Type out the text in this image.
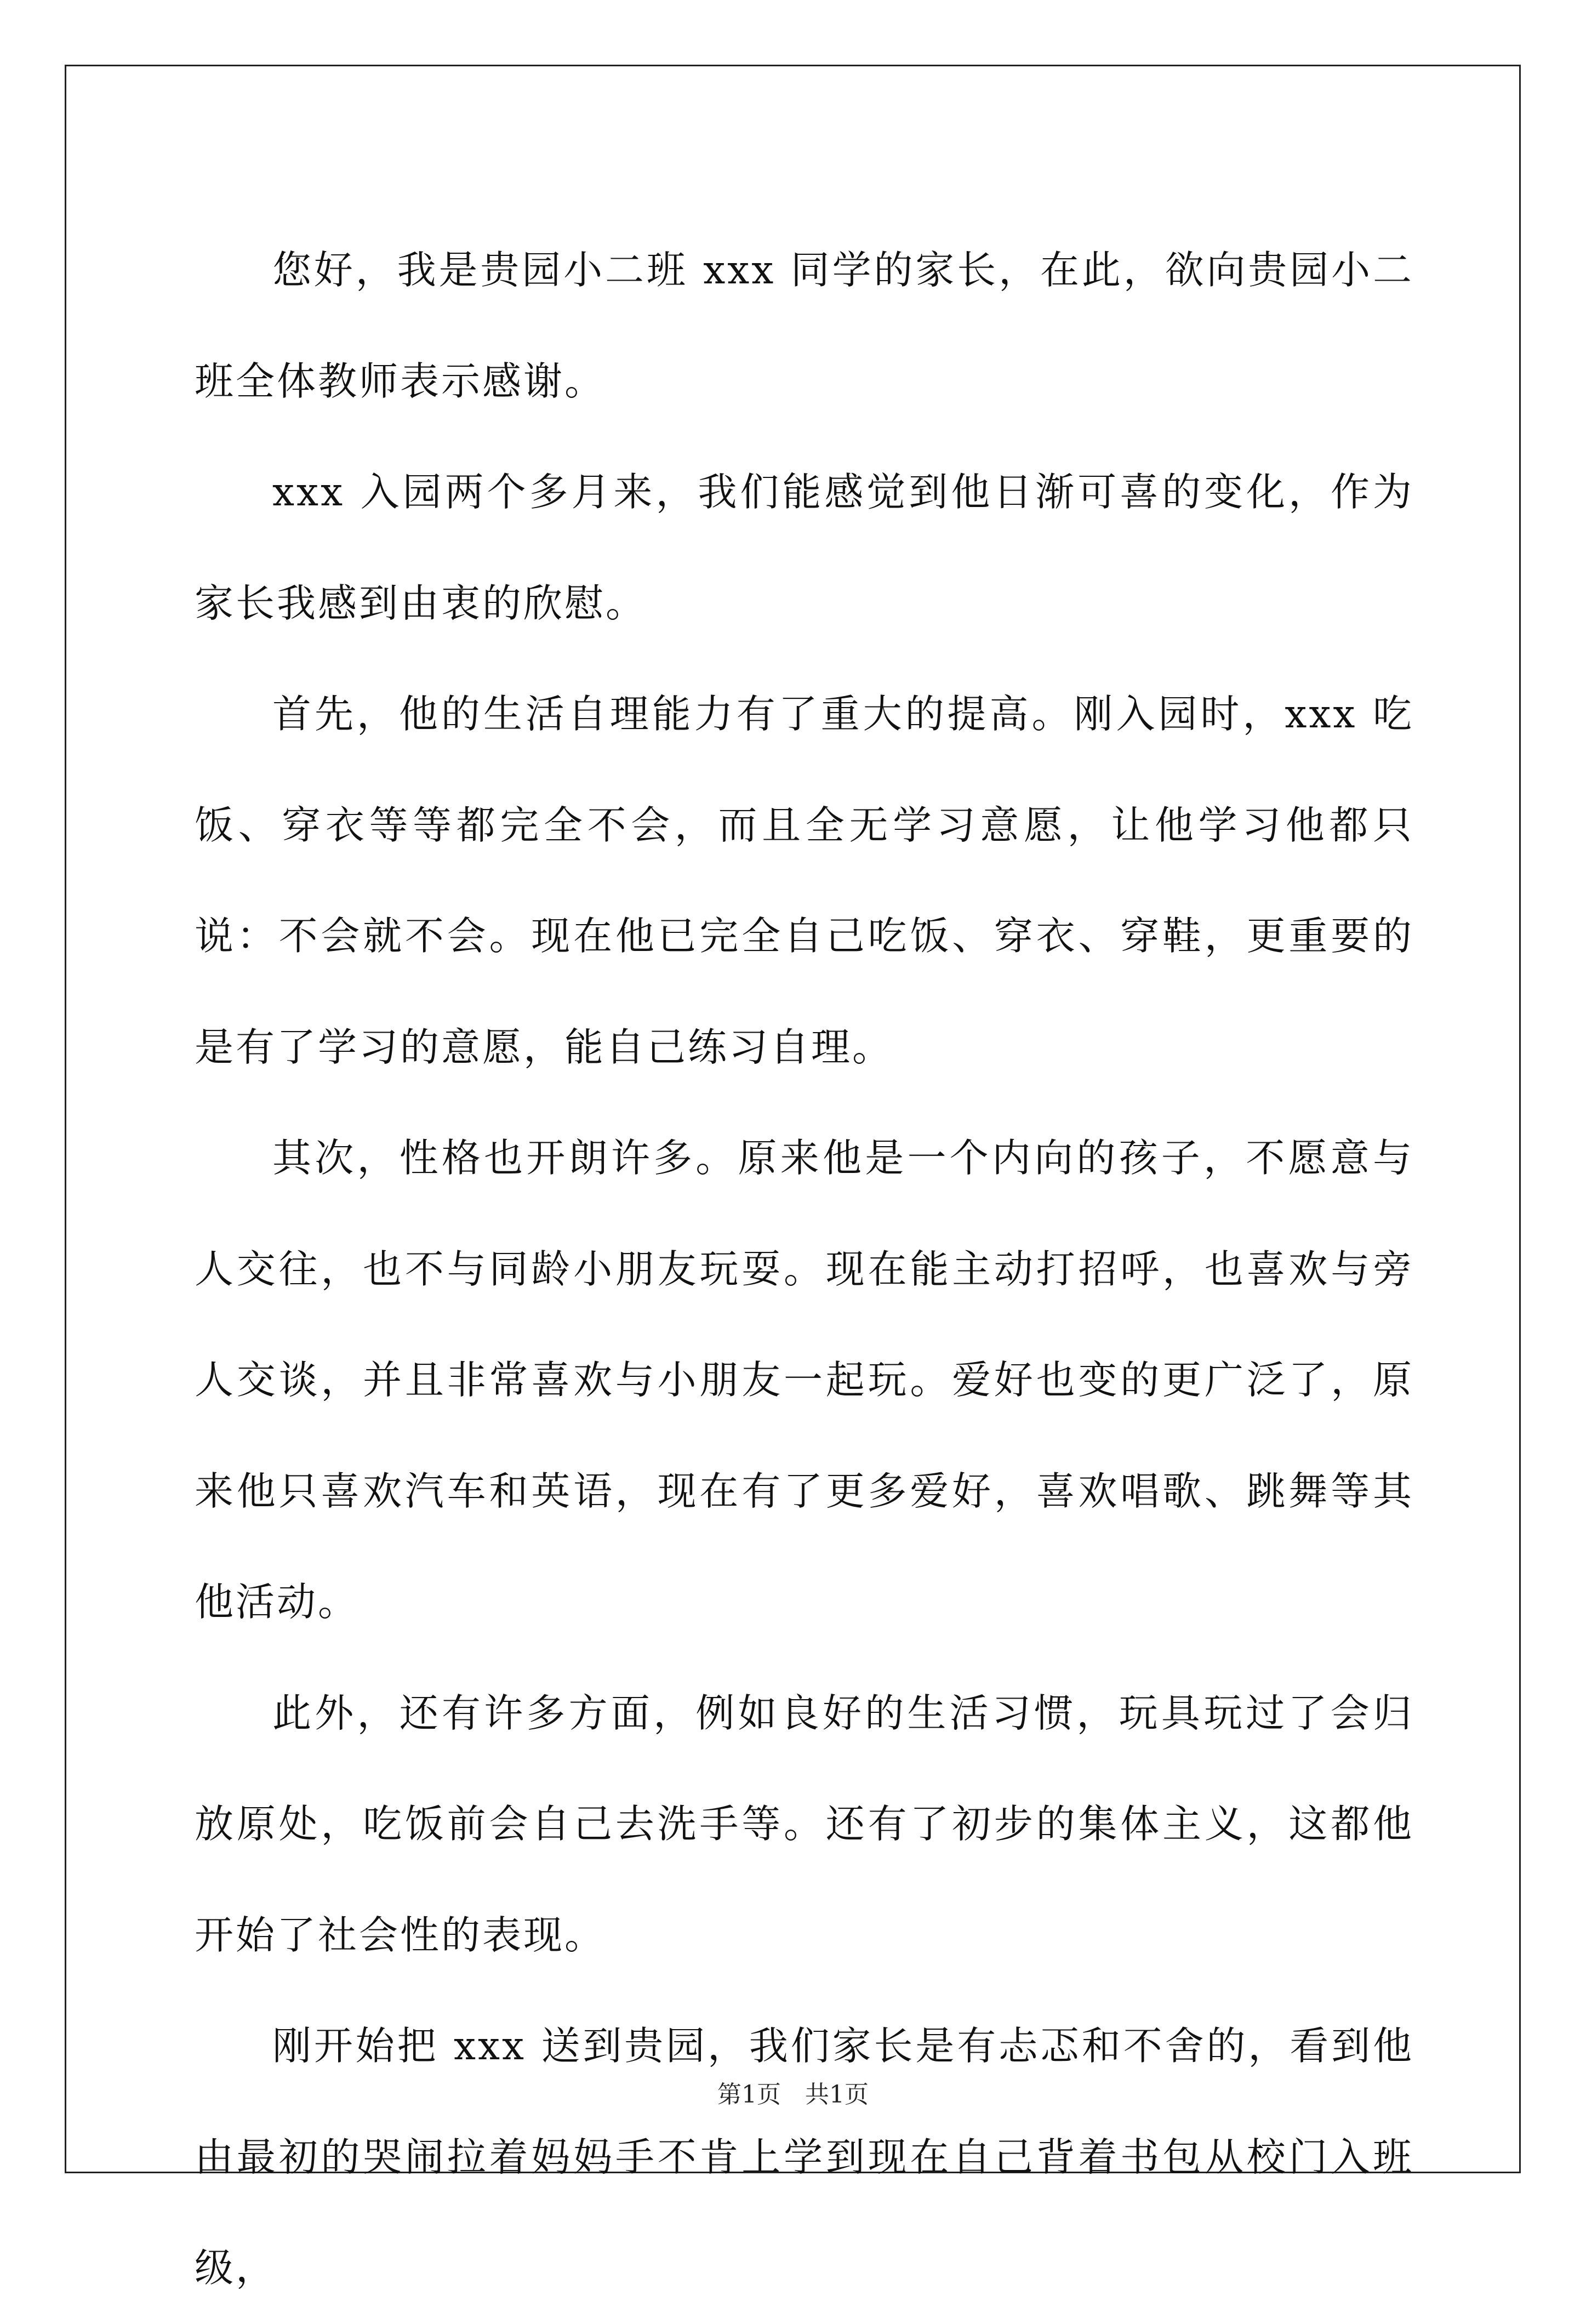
您好，我是贵园小二班 xxx 同学的家长，在此，欲向贵园小二班全体教师表示感谢。

xxx 入园两个多月来，我们能感觉到他日渐可喜的变化，作为家长我感到由衷的欣慰。

首先，他的生活自理能力有了重大的提高。刚入园时，xxx 吃饭、穿衣等等都完全不会，而且全无学习意愿，让他学习他都只说：不会就不会。现在他已完全自己吃饭、穿衣、穿鞋，更重要的是有了学习的意愿，能自己练习自理。

其次，性格也开朗许多。原来他是一个内向的孩子，不愿意与人交往，也不与同龄小朋友玩耍。现在能主动打招呼，也喜欢与旁人交谈，并且非常喜欢与小朋友一起玩。爱好也变的更广泛了，原来他只喜欢汽车和英语，现在有了更多爱好，喜欢唱歌、跳舞等其他活动。

此外，还有许多方面，例如良好的生活习惯，玩具玩过了会归放原处，吃饭前会自己去洗手等。还有了初步的集体主义，这都他开始了社会性的表现。

刚开始把 xxx 送到贵园，我们家长是有忐忑和不舍的，看到他由最初的哭闹拉着妈妈手不肯上学到现在自己背着书包从校门入班级，

第1页　共1页
